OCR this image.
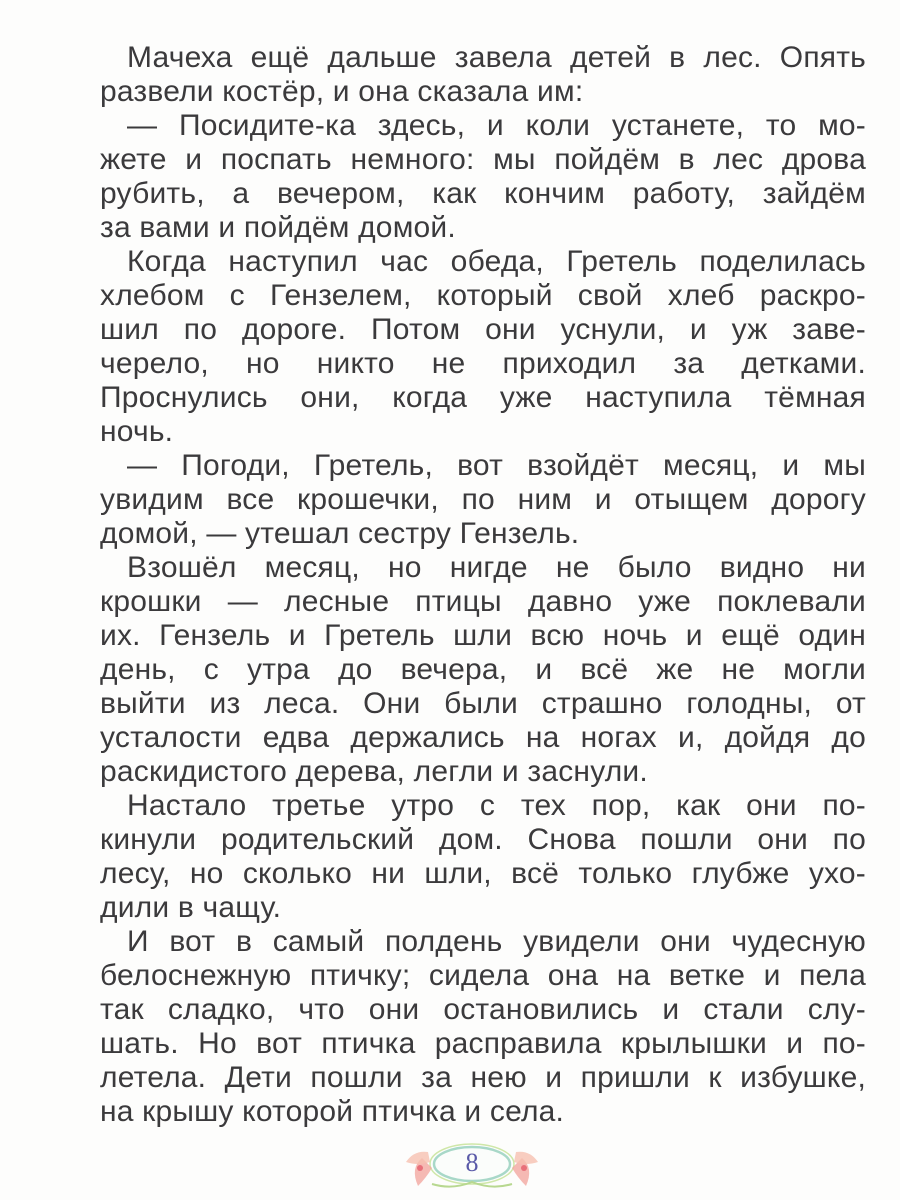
Мачеха ещё дальше завела детей в лес. Опять
развели костёр, и она сказала им:
— Посидите-ка здесь, и коли устанете, то мо-
жете и поспать немного: мы пойдём в лес дрова
рубить, а вечером, как кончим работу, зайдём
за вами и пойдём домой.
Когда наступил час обеда, Гретель поделилась
хлебом с Гензелем, который свой хлеб раскро-
шил по дороге. Потом они уснули, и уж заве-
черело, но никто не приходил за детками.
Проснулись они, когда уже наступила тёмная
ночь.
— Погоди, Гретель, вот взойдёт месяц, и мы
увидим все крошечки, по ним и отыщем дорогу
домой, — утешал сестру Гензель.
Взошёл месяц, но нигде не было видно ни
крошки — лесные птицы давно уже поклевали
их. Гензель и Гретель шли всю ночь и ещё один
день, с утра до вечера, и всё же не могли
выйти из леса. Они были страшно голодны, от
усталости едва держались на ногах и, дойдя до
раскидистого дерева, легли и заснули.
Настало третье утро с тех пор, как они по-
кинули родительский дом. Снова пошли они по
лесу, но сколько ни шли, всё только глубже ухо-
дили в чащу.
И вот в самый полдень увидели они чудесную
белоснежную птичку; сидела она на ветке и пела
так сладко, что они остановились и стали слу-
шать. Но вот птичка расправила крылышки и по-
летела. Дети пошли за нею и пришли к избушке,
на крышу которой птичка и села.
8
